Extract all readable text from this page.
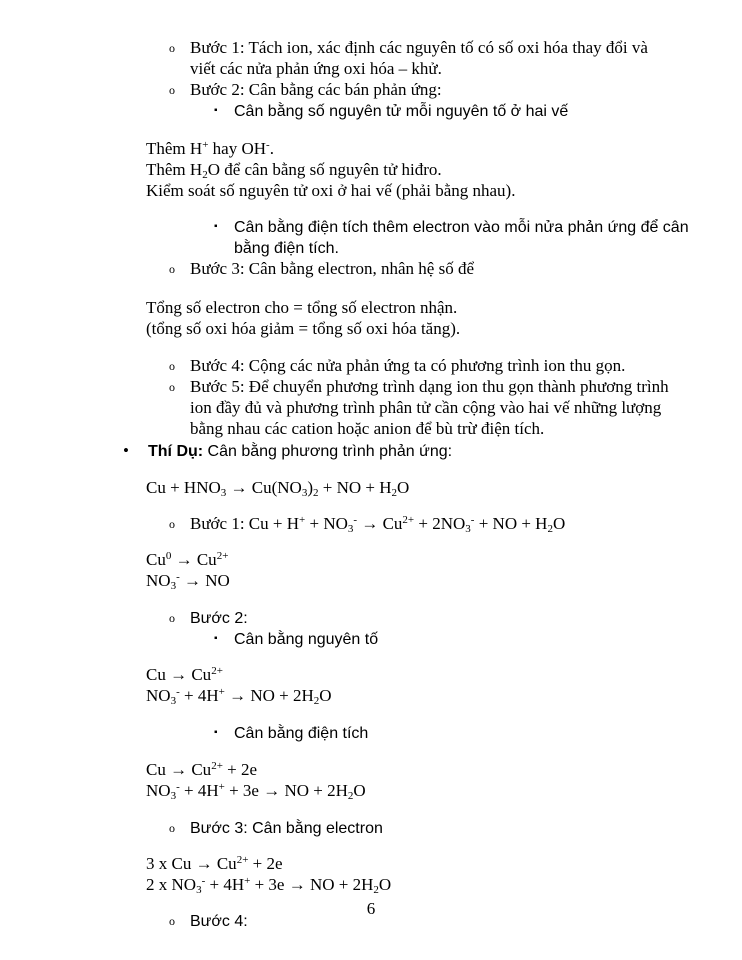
o Bước 1: Tách ion, xác định các nguyên tố có số oxi hóa thay đổi và
viết các nửa phản ứng oxi hóa – khử.
o Bước 2: Cân bằng các bán phản ứng:
▪ Cân bằng số nguyên tử mỗi nguyên tố ở hai vế
Thêm H+ hay OH-.
Thêm $H_2O$ để cân bằng số nguyên tử hiđro.
Kiểm soát số nguyên tử oxi ở hai vế (phải bằng nhau).
▪ Cân bằng điện tích thêm electron vào mỗi nửa phản ứng để cân
bằng điện tích.
o Bước 3: Cân bằng electron, nhân hệ số để
Tổng số electron cho = tổng số electron nhận.
(tổng số oxi hóa giảm = tổng số oxi hóa tăng).
o Bước 4: Cộng các nửa phản ứng ta có phương trình ion thu gọn.
o Bước 5: Để chuyển phương trình dạng ion thu gọn thành phương trình
ion đầy đủ và phương trình phân tử cần cộng vào hai vế những lượng
bằng nhau các cation hoặc anion để bù trừ điện tích.
• Thí Dụ: Cân bằng phương trình phản ứng:
$Cu + HNO_3 \to Cu(NO_3)_2$ + NO + $H_2O$
o Bước 1: $Cu + H^+ + NO_3^- \to Cu^{2+} + 2NO_3^-$ + NO + $H_2O$
$Cu^0 \to Cu^{2+}$
$NO_3^-$ → NO
o Bước 2:
▪ Cân bằng nguyên tố
$Cu \to Cu^{2+}$
$NO_3^- + 4H^+$ → NO + $2H_2O$
▪ Cân bằng điện tích
$Cu \to Cu^{2+} + 2e$
$NO_3^- + 4H^+ + 3e$ → NO + $2H_2O$
o Bước 3: Cân bằng electron
3 x $Cu \to Cu^{2+} + 2e$
2 x $NO_3^- + 4H^+ + 3e$ → NO + $2H_2O$
o Bước 4:
6
